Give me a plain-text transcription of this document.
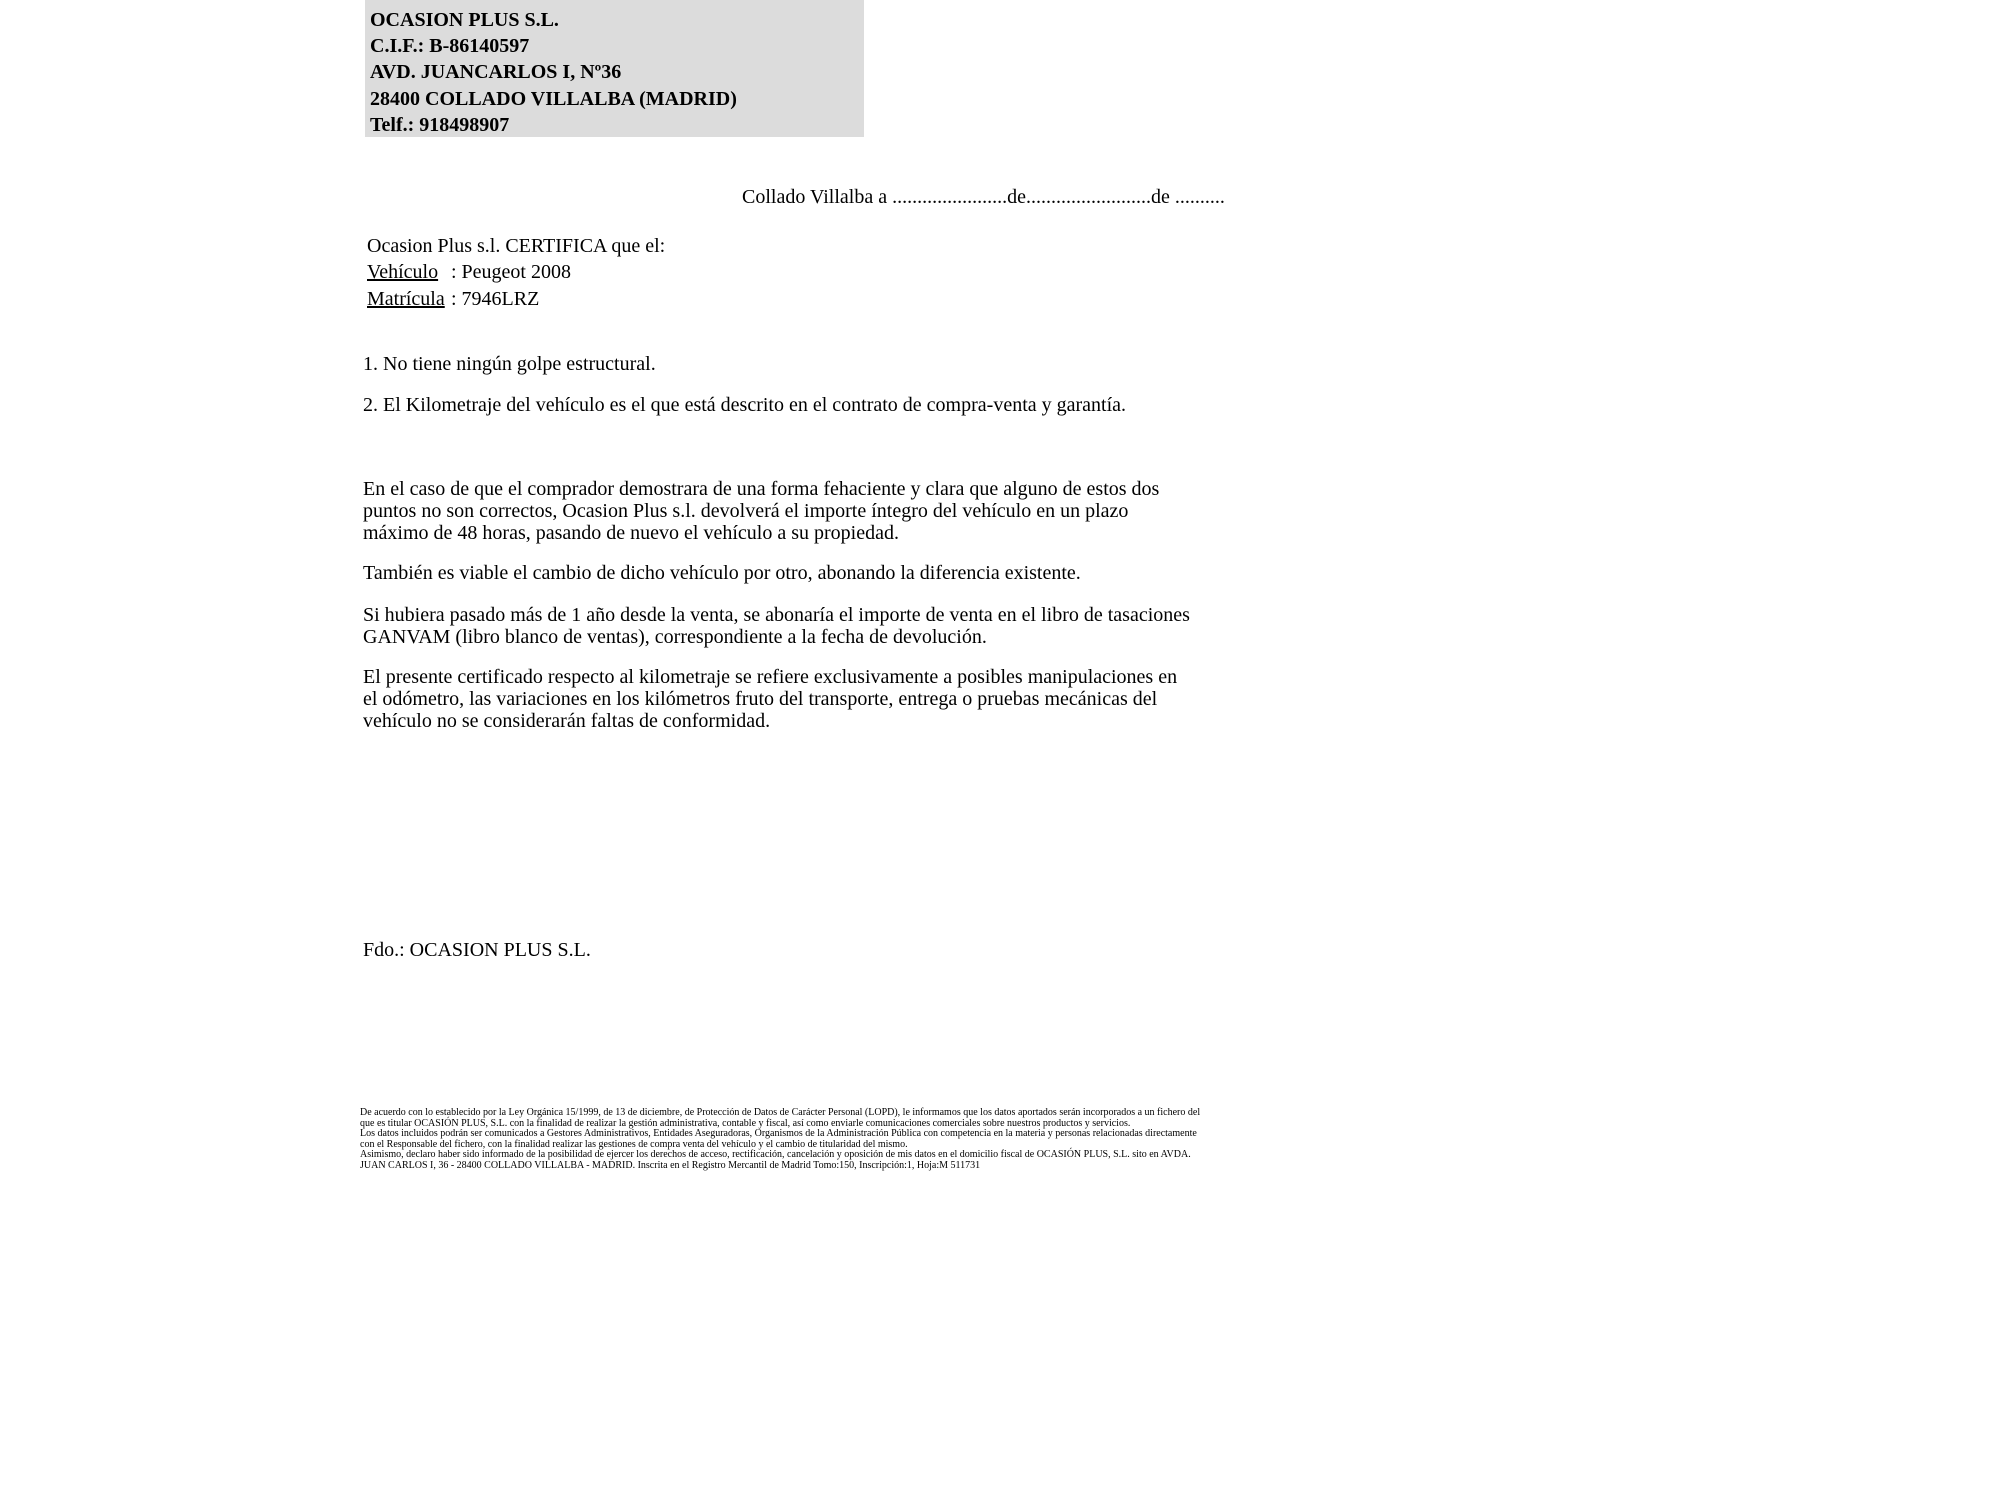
OCASION PLUS S.L.
C.I.F.: B-86140597
AVD. JUANCARLOS I, Nº36
28400 COLLADO VILLALBA (MADRID)
Telf.: 918498907
Collado Villalba a .......................de.........................de ..........
Ocasion Plus s.l. CERTIFICA que el:
Vehículo : Peugeot 2008
Matrícula : 7946LRZ
1. No tiene ningún golpe estructural.
2. El Kilometraje del vehículo es el que está descrito en el contrato de compra-venta y garantía.
En el caso de que el comprador demostrara de una forma fehaciente y clara que alguno de estos dos puntos no son correctos, Ocasion Plus s.l. devolverá el importe íntegro del vehículo en un plazo máximo de 48 horas, pasando de nuevo el vehículo a su propiedad.
También es viable el cambio de dicho vehículo por otro, abonando la diferencia existente.
Si hubiera pasado más de 1 año desde la venta, se abonaría el importe de venta en el libro de tasaciones GANVAM (libro blanco de ventas), correspondiente a la fecha de devolución.
El presente certificado respecto al kilometraje se refiere exclusivamente a posibles manipulaciones en el odómetro, las variaciones en los kilómetros fruto del transporte, entrega o pruebas mecánicas del vehículo no se considerarán faltas de conformidad.
Fdo.: OCASION PLUS S.L.

De acuerdo con lo establecido por la Ley Orgánica 15/1999, de 13 de diciembre, de Protección de Datos de Carácter Personal (LOPD), le informamos que los datos aportados serán incorporados a un fichero del que es titular OCASIÓN PLUS, S.L. con la finalidad de realizar la gestión administrativa, contable y fiscal, así como enviarle comunicaciones comerciales sobre nuestros productos y servicios.

Los datos incluidos podrán ser comunicados a Gestores Administrativos, Entidades Aseguradoras, Organismos de la Administración Pública con competencia en la materia y personas relacionadas directamente con el Responsable del fichero, con la finalidad realizar las gestiones de compra venta del vehículo y el cambio de titularidad del mismo.

Asimismo, declaro haber sido informado de la posibilidad de ejercer los derechos de acceso, rectificación, cancelación y oposición de mis datos en el domicilio fiscal de OCASIÓN PLUS, S.L. sito en AVDA. JUAN CARLOS I, 36 - 28400 COLLADO VILLALBA - MADRID. Inscrita en el Registro Mercantil de Madrid Tomo:150, Inscripción:1, Hoja:M 511731
